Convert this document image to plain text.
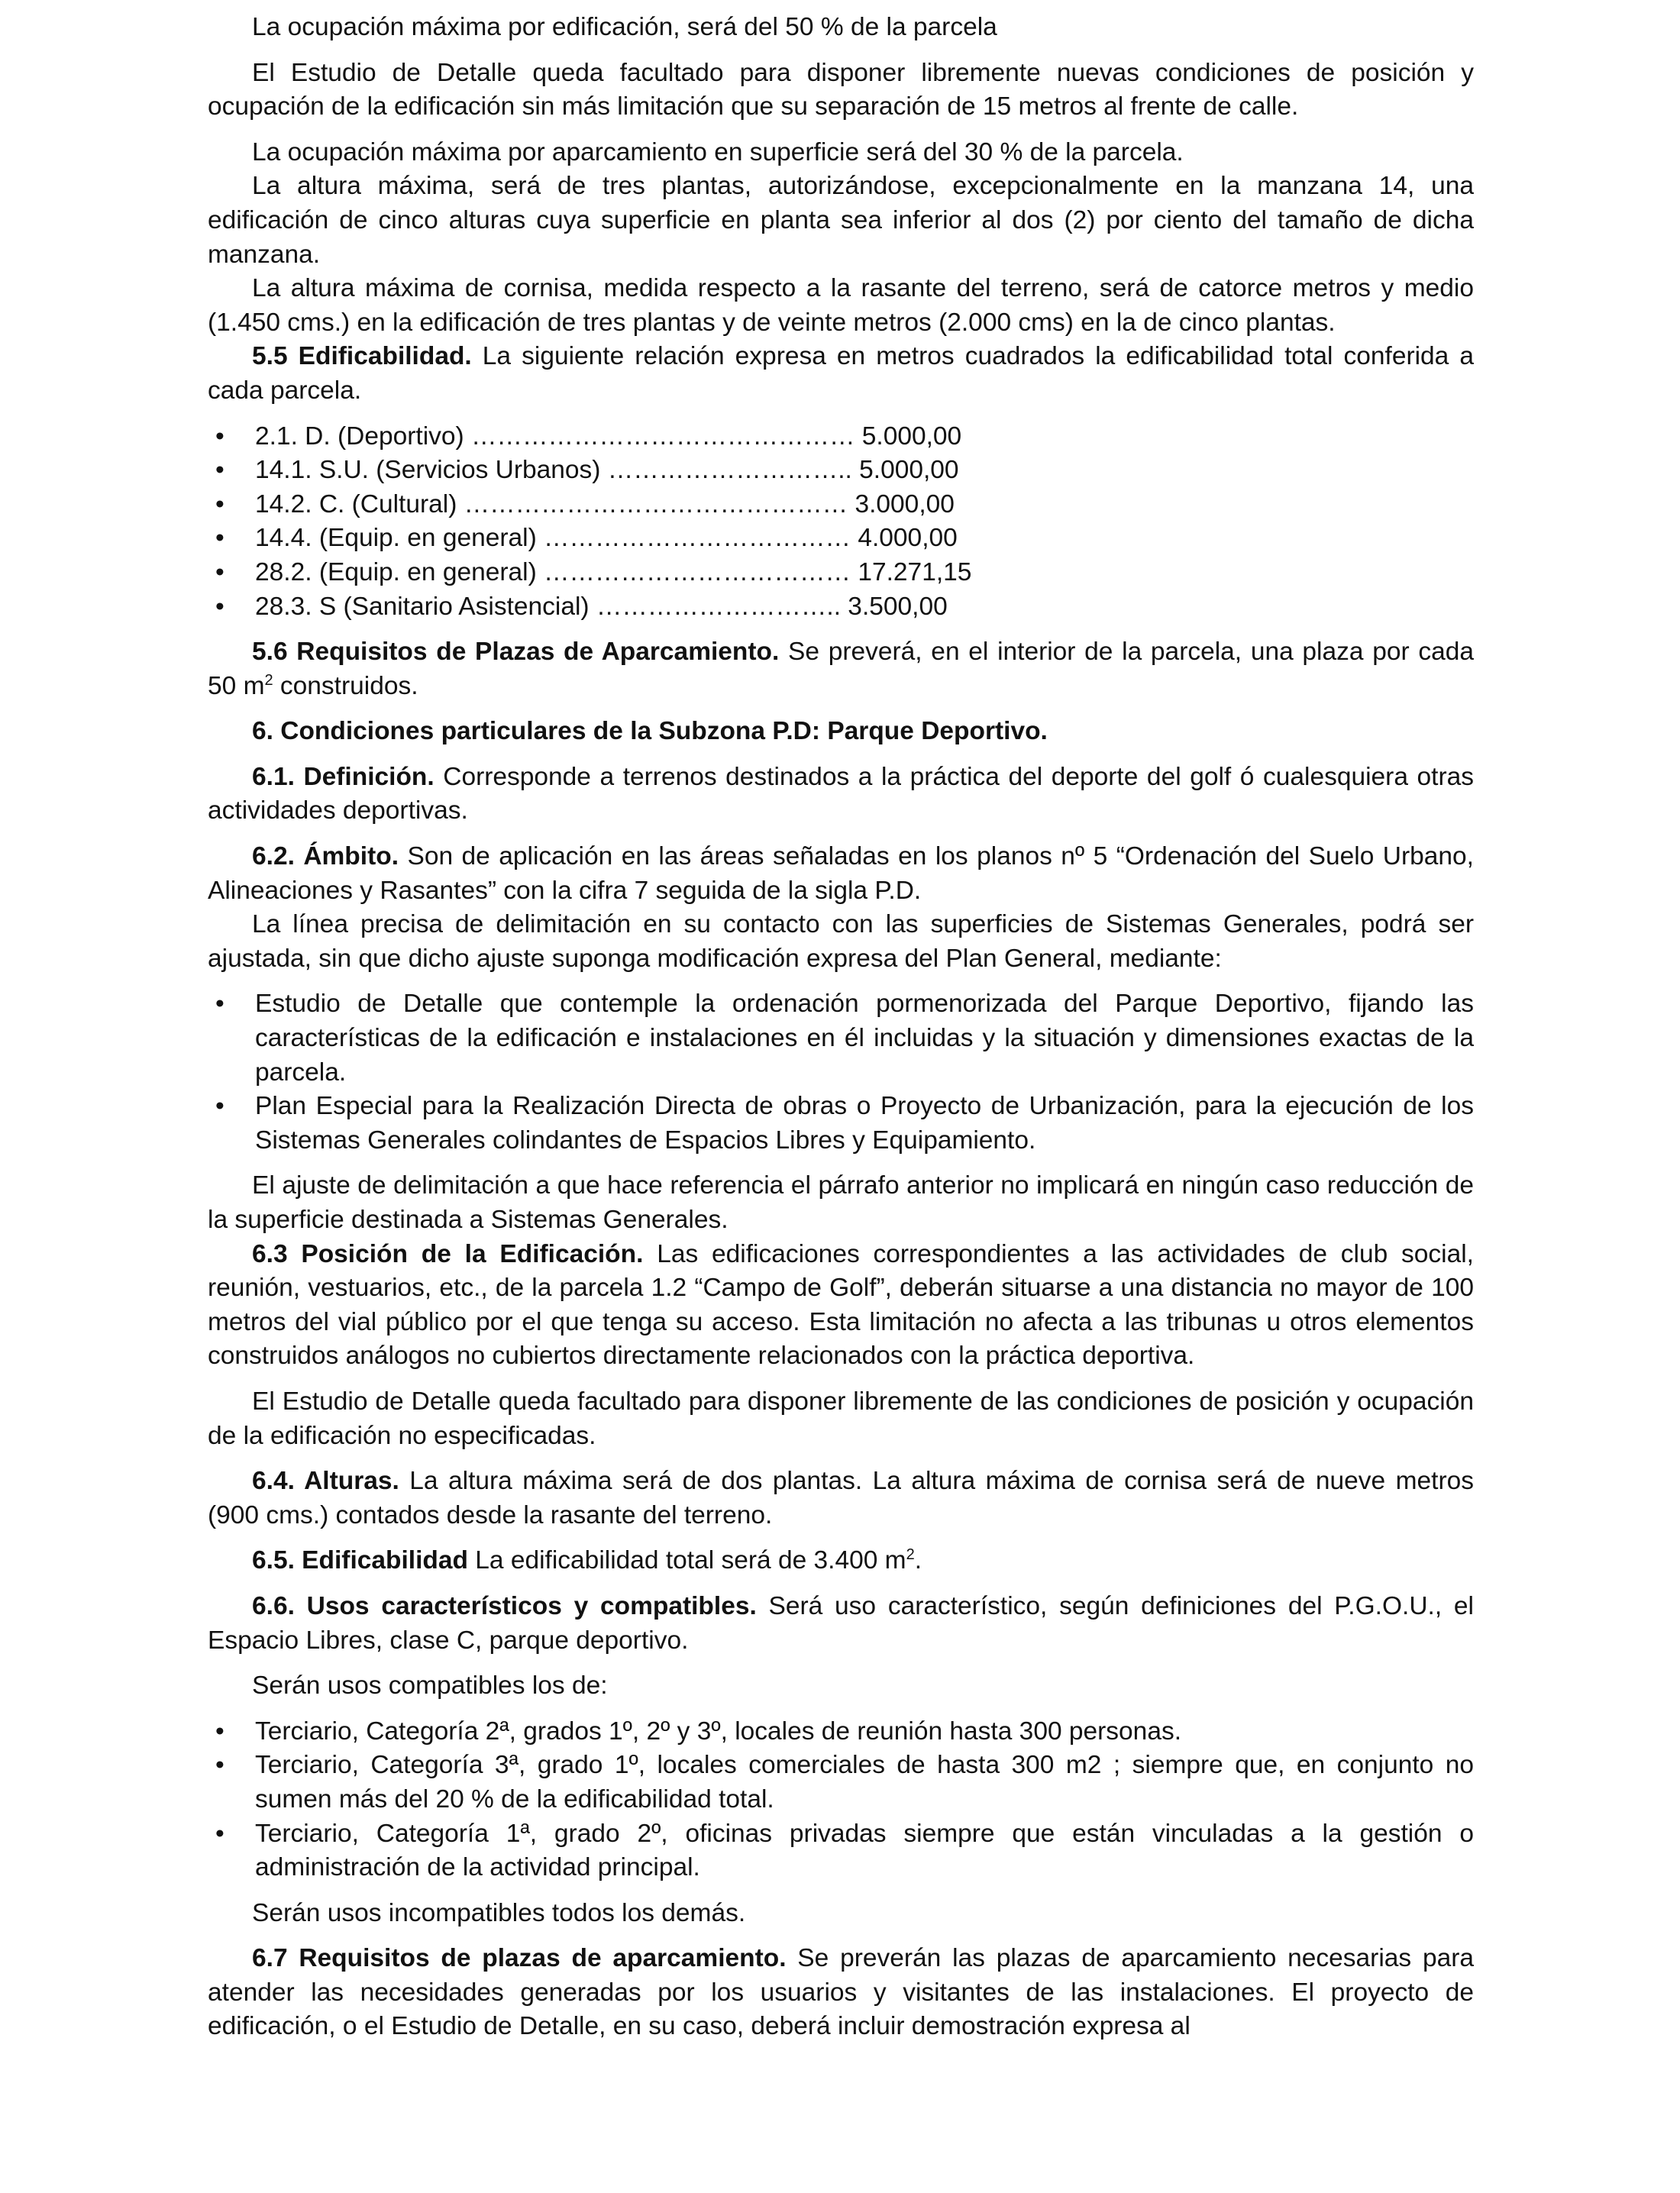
La ocupación máxima por edificación, será del 50 % de la parcela

El Estudio de Detalle queda facultado para disponer libremente nuevas condiciones de posición y ocupación de la edificación sin más limitación que su separación de 15 metros al frente de calle.

La ocupación máxima por aparcamiento en superficie será del 30 % de la parcela.

La altura máxima, será de tres plantas, autorizándose, excepcionalmente en la manzana 14, una edificación de cinco alturas cuya superficie en planta sea inferior al dos (2) por ciento del tamaño de dicha manzana.

La altura máxima de cornisa, medida respecto a la rasante del terreno, será de catorce metros y medio (1.450 cms.) en la edificación de tres plantas y de veinte metros (2.000 cms) en la de cinco plantas.

5.5 Edificabilidad. La siguiente relación expresa en metros cuadrados la edificabilidad total conferida a cada parcela.

• 2.1. D. (Deportivo) ……………………………………… 5.000,00
• 14.1. S.U. (Servicios Urbanos) ……………………….. 5.000,00
• 14.2. C. (Cultural) ……………………………………… 3.000,00
• 14.4. (Equip. en general) ……………………………… 4.000,00
• 28.2. (Equip. en general) ……………………………… 17.271,15
• 28.3. S (Sanitario Asistencial) ……………………….. 3.500,00

5.6 Requisitos de Plazas de Aparcamiento. Se preverá, en el interior de la parcela, una plaza por cada 50 $m^2$ construidos.

6. Condiciones particulares de la Subzona P.D: Parque Deportivo.

6.1. Definición. Corresponde a terrenos destinados a la práctica del deporte del golf ó cualesquiera otras actividades deportivas.

6.2. Ámbito. Son de aplicación en las áreas señaladas en los planos nº 5 “Ordenación del Suelo Urbano, Alineaciones y Rasantes” con la cifra 7 seguida de la sigla P.D.

La línea precisa de delimitación en su contacto con las superficies de Sistemas Generales, podrá ser ajustada, sin que dicho ajuste suponga modificación expresa del Plan General, mediante:

• Estudio de Detalle que contemple la ordenación pormenorizada del Parque Deportivo, fijando las características de la edificación e instalaciones en él incluidas y la situación y dimensiones exactas de la parcela.
• Plan Especial para la Realización Directa de obras o Proyecto de Urbanización, para la ejecución de los Sistemas Generales colindantes de Espacios Libres y Equipamiento.

El ajuste de delimitación a que hace referencia el párrafo anterior no implicará en ningún caso reducción de la superficie destinada a Sistemas Generales.

6.3 Posición de la Edificación. Las edificaciones correspondientes a las actividades de club social, reunión, vestuarios, etc., de la parcela 1.2 “Campo de Golf”, deberán situarse a una distancia no mayor de 100 metros del vial público por el que tenga su acceso. Esta limitación no afecta a las tribunas u otros elementos construidos análogos no cubiertos directamente relacionados con la práctica deportiva.

El Estudio de Detalle queda facultado para disponer libremente de las condiciones de posición y ocupación de la edificación no especificadas.

6.4. Alturas. La altura máxima será de dos plantas. La altura máxima de cornisa será de nueve metros (900 cms.) contados desde la rasante del terreno.

6.5. Edificabilidad La edificabilidad total será de 3.400 $m^2$.

6.6. Usos característicos y compatibles. Será uso característico, según definiciones del P.G.O.U., el Espacio Libres, clase C, parque deportivo.

Serán usos compatibles los de:

• Terciario, Categoría 2ª, grados 1º, 2º y 3º, locales de reunión hasta 300 personas.
• Terciario, Categoría 3ª, grado 1º, locales comerciales de hasta 300 m2 ; siempre que, en conjunto no sumen más del 20 % de la edificabilidad total.
• Terciario, Categoría 1ª, grado 2º, oficinas privadas siempre que están vinculadas a la gestión o administración de la actividad principal.

Serán usos incompatibles todos los demás.

6.7 Requisitos de plazas de aparcamiento. Se preverán las plazas de aparcamiento necesarias para atender las necesidades generadas por los usuarios y visitantes de las instalaciones. El proyecto de edificación, o el Estudio de Detalle, en su caso, deberá incluir demostración expresa al
